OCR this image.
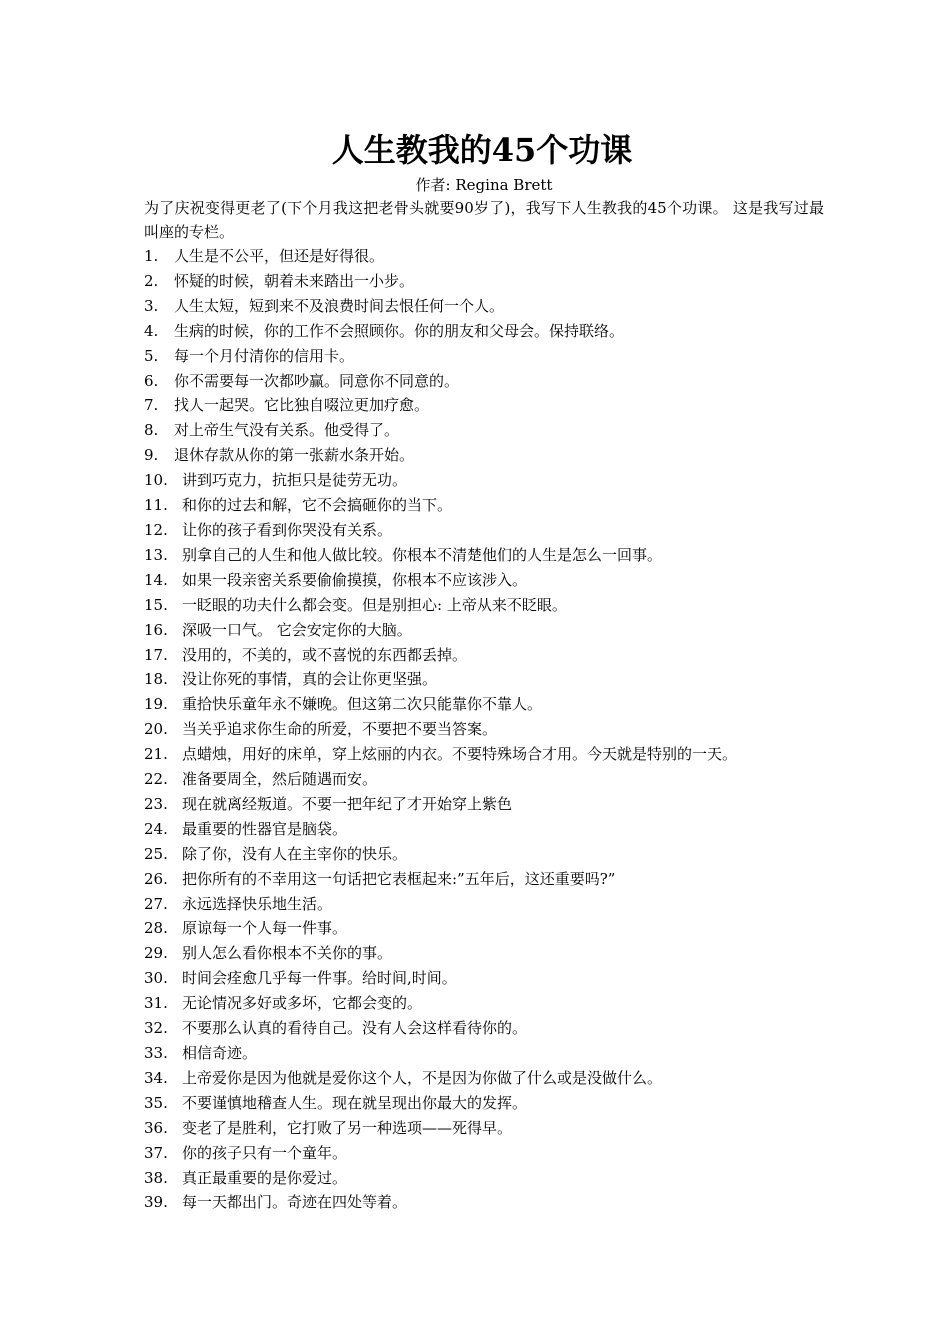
人生教我的45个功课
作者: Regina Brett

为了庆祝变得更老了(下个月我这把老骨头就要90岁了)，我写下人生教我的45个功课。 这是我写过最叫座的专栏。

1.	人生是不公平，但还是好得很。
2.	怀疑的时候，朝着未来踏出一小步。
3.	人生太短，短到来不及浪费时间去恨任何一个人。
4.	生病的时候，你的工作不会照顾你。你的朋友和父母会。保持联络。
5.	每一个月付清你的信用卡。
6.	你不需要每一次都吵赢。同意你不同意的。
7.	找人一起哭。它比独自啜泣更加疗愈。
8.	对上帝生气没有关系。他受得了。
9.	退休存款从你的第一张薪水条开始。
10. 讲到巧克力，抗拒只是徒劳无功。
11. 和你的过去和解，它不会搞砸你的当下。
12. 让你的孩子看到你哭没有关系。
13. 别拿自己的人生和他人做比较。你根本不清楚他们的人生是怎么一回事。
14. 如果一段亲密关系要偷偷摸摸，你根本不应该涉入。
15. 一眨眼的功夫什么都会变。但是别担心: 上帝从来不眨眼。
16. 深吸一口气。 它会安定你的大脑。
17. 没用的，不美的，或不喜悦的东西都丢掉。
18. 没让你死的事情，真的会让你更坚强。
19. 重拾快乐童年永不嫌晚。但这第二次只能靠你不靠人。
20. 当关乎追求你生命的所爱，不要把不要当答案。
21. 点蜡烛，用好的床单，穿上炫丽的内衣。不要特殊场合才用。今天就是特别的一天。
22. 准备要周全，然后随遇而安。
23. 现在就离经叛道。不要一把年纪了才开始穿上紫色
24. 最重要的性器官是脑袋。
25. 除了你，没有人在主宰你的快乐。
26. 把你所有的不幸用这一句话把它表框起来:”五年后，这还重要吗?”
27. 永远选择快乐地生活。
28. 原谅每一个人每一件事。
29. 别人怎么看你根本不关你的事。
30. 时间会痊愈几乎每一件事。给时间,时间。
31. 无论情况多好或多坏，它都会变的。
32. 不要那么认真的看待自己。没有人会这样看待你的。
33. 相信奇迹。
34. 上帝爱你是因为他就是爱你这个人，不是因为你做了什么或是没做什么。
35. 不要谨慎地稽查人生。现在就呈现出你最大的发挥。
36. 变老了是胜利，它打败了另一种选项——死得早。
37. 你的孩子只有一个童年。
38. 真正最重要的是你爱过。
39. 每一天都出门。奇迹在四处等着。
